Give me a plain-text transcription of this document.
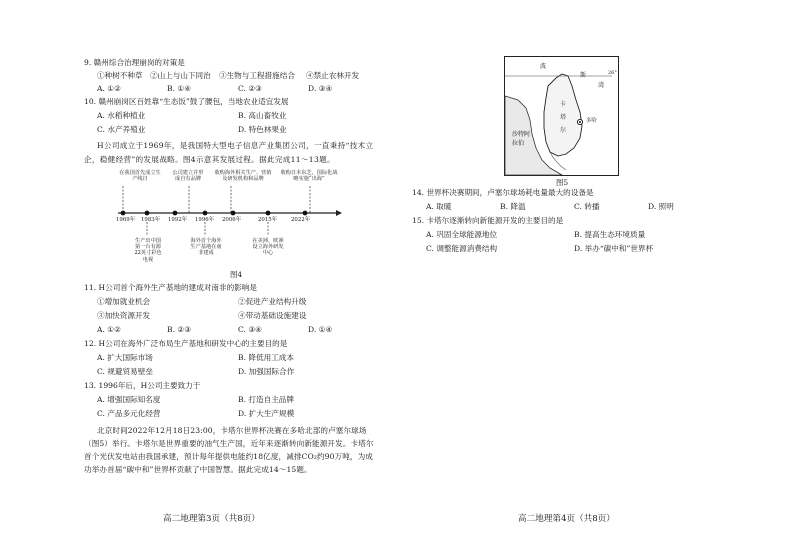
9. 赣州综合治理崩岗的对策是
①种树不种草 ②山上与山下同治 ③生物与工程措施结合 ④禁止农林开发
A. ①②	B. ①④	C. ②③	D. ③④
10. 赣州崩岗区百姓靠“生态饭”鼓了腰包，当地农业适宜发展
A. 水稻种植业	B. 高山畜牧业
C. 水产养殖业	D. 特色林果业
H公司成立于1969年，是我国特大型电子信息产业集团公司，一直秉持“技术立
企，稳健经营”的发展战略。图4示意其发展过程。据此完成11～13题。
在我国首先成立生产线日
公司建立并形成自有品牌
收购海外相关生产、营销及研发机构和品牌
收购日本东芝，国际化战略实施“出海”
1969年 1983年 1992年 1996年 2006年	2015年	2022年
生产出中国第一台有源22英寸彩色电视
海外首个海外生产基地在南非建成
在美洲、欧洲设立海外研发中心
图4
11. H公司首个海外生产基地的建成对南非的影响是
①增加就业机会	②促进产业结构升级
③加快资源开发	④带动基础设施建设
A. ①②	B. ②③	C. ③④	D. ①④
12. H公司在海外广泛布局生产基地和研发中心的主要目的是
A. 扩大国际市场	B. 降低用工成本
C. 规避贸易壁垒	D. 加强国际合作
13. 1996年后，H公司主要致力于
A. 增强国际知名度	B. 打造自主品牌
C. 产品多元化经营	D. 扩大生产规模
北京时间2022年12月18日23:00，卡塔尔世界杯决赛在多哈北部的卢塞尔球场
（图5）举行。卡塔尔是世界重要的油气生产国，近年来逐渐转向新能源开发。卡塔尔
首个光伏发电站由我国承建，预计每年提供电能约18亿度，减排CO₂约90万吨，为成
功举办首届“碳中和”世界杯贡献了中国智慧。据此完成14～15题。
高二地理第3页（共8页）
波
斯
湾
26°
卡
塔
尔
多哈
沙特阿拉伯
图5
14. 世界杯决赛期间，卢塞尔球场耗电量最大的设备是
A. 取暖	B. 降温	C. 转播	D. 照明
15. 卡塔尔逐渐转向新能源开发的主要目的是
A. 巩固全球能源地位	B. 提高生态环境质量
C. 调整能源消费结构	D. 举办“碳中和”世界杯
高二地理第4页（共8页）
